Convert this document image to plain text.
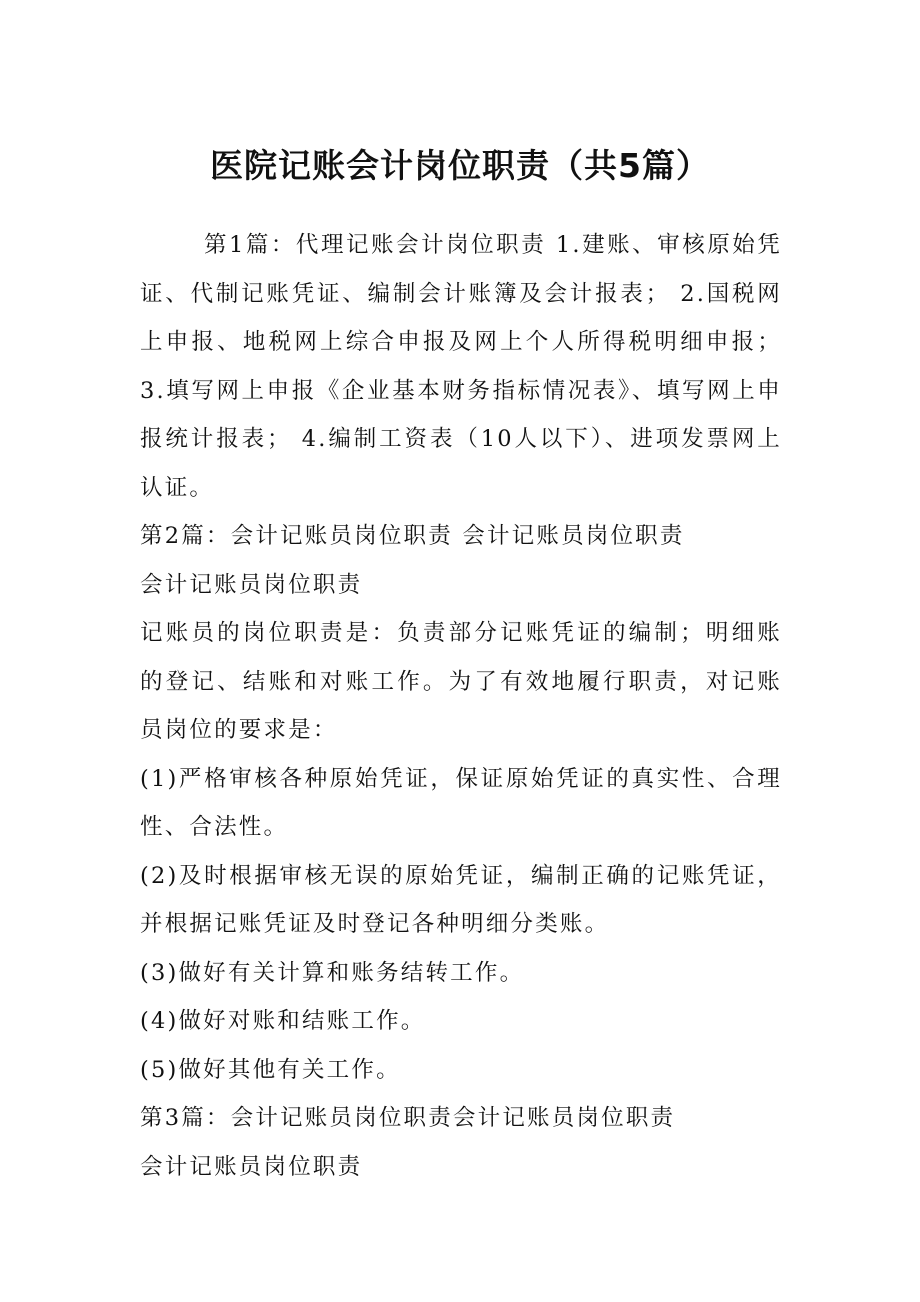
医院记账会计岗位职责（共5篇）

第1篇：代理记账会计岗位职责 1.建账、审核原始凭证、代制记账凭证、编制会计账簿及会计报表； 2.国税网上申报、地税网上综合申报及网上个人所得税明细申报；3.填写网上申报《企业基本财务指标情况表》、填写网上申报统计报表； 4.编制工资表（10人以下）、进项发票网上认证。

第2篇：会计记账员岗位职责 会计记账员岗位职责

会计记账员岗位职责

记账员的岗位职责是：负责部分记账凭证的编制；明细账的登记、结账和对账工作。为了有效地履行职责，对记账员岗位的要求是：

(1)严格审核各种原始凭证，保证原始凭证的真实性、合理性、合法性。

(2)及时根据审核无误的原始凭证，编制正确的记账凭证，并根据记账凭证及时登记各种明细分类账。

(3)做好有关计算和账务结转工作。

(4)做好对账和结账工作。

(5)做好其他有关工作。

第3篇：会计记账员岗位职责会计记账员岗位职责

会计记账员岗位职责
